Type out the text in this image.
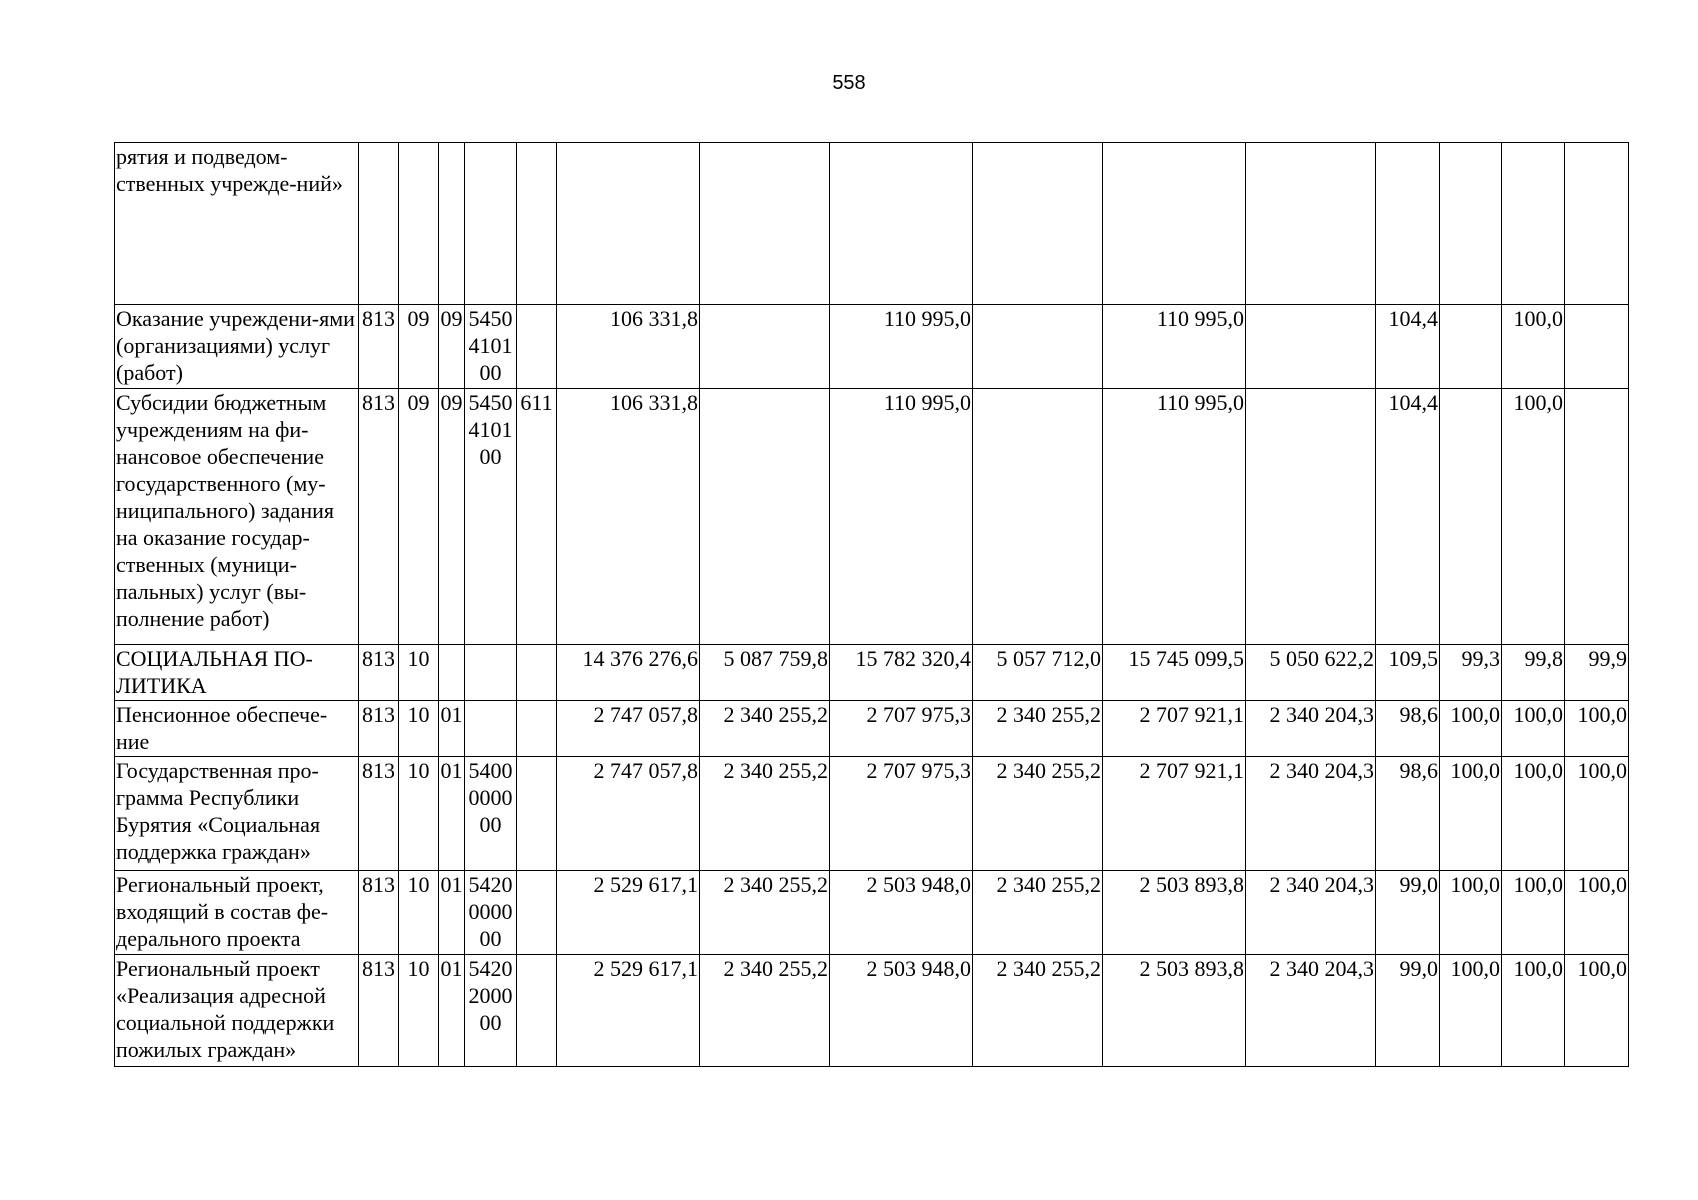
558
рятия и подведом-ственных учрежде-ний»															
Оказание учреждени-ями (организациями) услуг (работ)	813	09	09	5450410100		106 331,8		110 995,0		110 995,0		104,4		100,0	
Субсидии бюджетным учреждениям на фи-нансовое обеспечение государственного (му-ниципального) задания на оказание государ-ственных (муници-пальных) услуг (вы-полнение работ)	813	09	09	5450410100	611	106 331,8		110 995,0		110 995,0		104,4		100,0	
СОЦИАЛЬНАЯ ПО-ЛИТИКА	813	10				14 376 276,6	5 087 759,8	15 782 320,4	5 057 712,0	15 745 099,5	5 050 622,2	109,5	99,3	99,8	99,9
Пенсионное обеспече-ние	813	10	01			2 747 057,8	2 340 255,2	2 707 975,3	2 340 255,2	2 707 921,1	2 340 204,3	98,6	100,0	100,0	100,0
Государственная про-грамма Республики Бурятия «Социальная поддержка граждан»	813	10	01	5400000000		2 747 057,8	2 340 255,2	2 707 975,3	2 340 255,2	2 707 921,1	2 340 204,3	98,6	100,0	100,0	100,0
Региональный проект, входящий в состав фе-дерального проекта	813	10	01	5420000000		2 529 617,1	2 340 255,2	2 503 948,0	2 340 255,2	2 503 893,8	2 340 204,3	99,0	100,0	100,0	100,0
Региональный проект «Реализация адресной социальной поддержки пожилых граждан»	813	10	01	5420200000		2 529 617,1	2 340 255,2	2 503 948,0	2 340 255,2	2 503 893,8	2 340 204,3	99,0	100,0	100,0	100,0
